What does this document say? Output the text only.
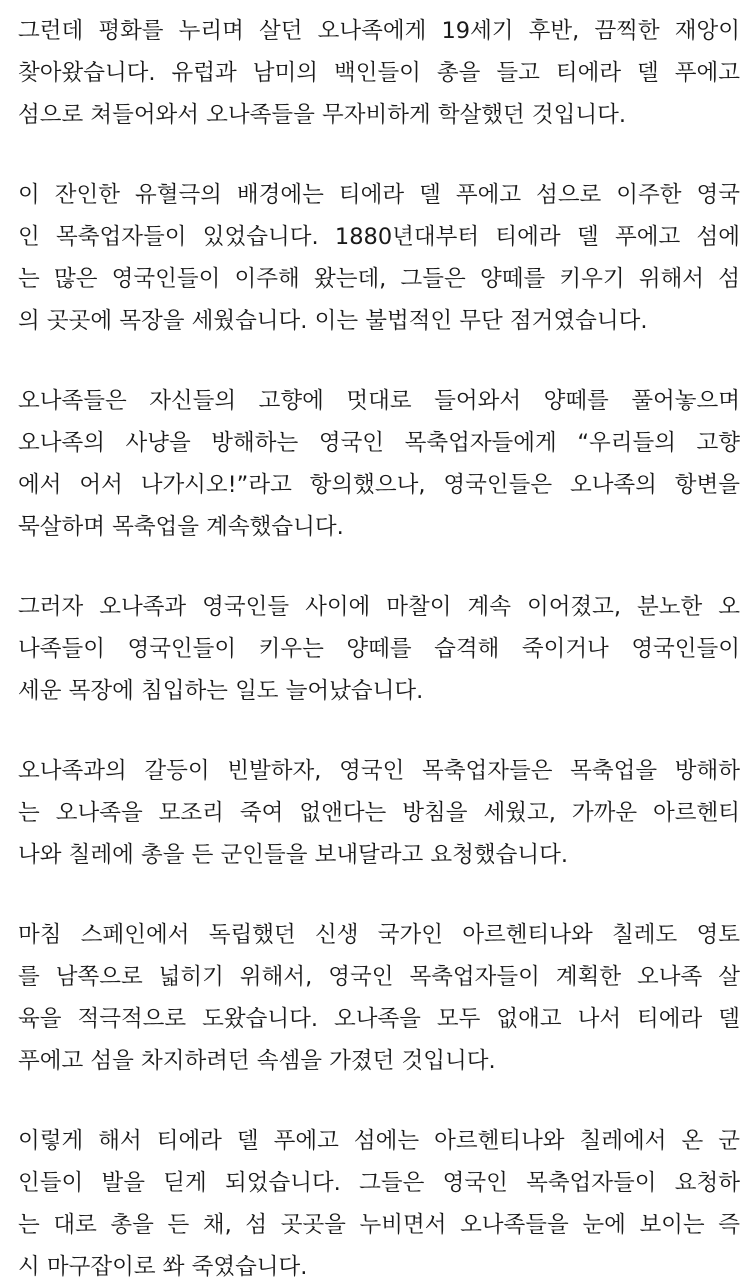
그런데 평화를 누리며 살던 오나족에게 19세기 후반, 끔찍한 재앙이
찾아왔습니다. 유럽과 남미의 백인들이 총을 들고 티에라 델 푸에고
섬으로 쳐들어와서 오나족들을 무자비하게 학살했던 것입니다.

이 잔인한 유혈극의 배경에는 티에라 델 푸에고 섬으로 이주한 영국
인 목축업자들이 있었습니다. 1880년대부터 티에라 델 푸에고 섬에
는 많은 영국인들이 이주해 왔는데, 그들은 양떼를 키우기 위해서 섬
의 곳곳에 목장을 세웠습니다. 이는 불법적인 무단 점거였습니다.

오나족들은 자신들의 고향에 멋대로 들어와서 양떼를 풀어놓으며
오나족의 사냥을 방해하는 영국인 목축업자들에게 “우리들의 고향
에서 어서 나가시오!”라고 항의했으나, 영국인들은 오나족의 항변을
묵살하며 목축업을 계속했습니다.

그러자 오나족과 영국인들 사이에 마찰이 계속 이어졌고, 분노한 오
나족들이 영국인들이 키우는 양떼를 습격해 죽이거나 영국인들이
세운 목장에 침입하는 일도 늘어났습니다.

오나족과의 갈등이 빈발하자, 영국인 목축업자들은 목축업을 방해하
는 오나족을 모조리 죽여 없앤다는 방침을 세웠고, 가까운 아르헨티
나와 칠레에 총을 든 군인들을 보내달라고 요청했습니다.

마침 스페인에서 독립했던 신생 국가인 아르헨티나와 칠레도 영토
를 남쪽으로 넓히기 위해서, 영국인 목축업자들이 계획한 오나족 살
육을 적극적으로 도왔습니다. 오나족을 모두 없애고 나서 티에라 델
푸에고 섬을 차지하려던 속셈을 가졌던 것입니다.

이렇게 해서 티에라 델 푸에고 섬에는 아르헨티나와 칠레에서 온 군
인들이 발을 딛게 되었습니다. 그들은 영국인 목축업자들이 요청하
는 대로 총을 든 채, 섬 곳곳을 누비면서 오나족들을 눈에 보이는 즉
시 마구잡이로 쏴 죽였습니다.
